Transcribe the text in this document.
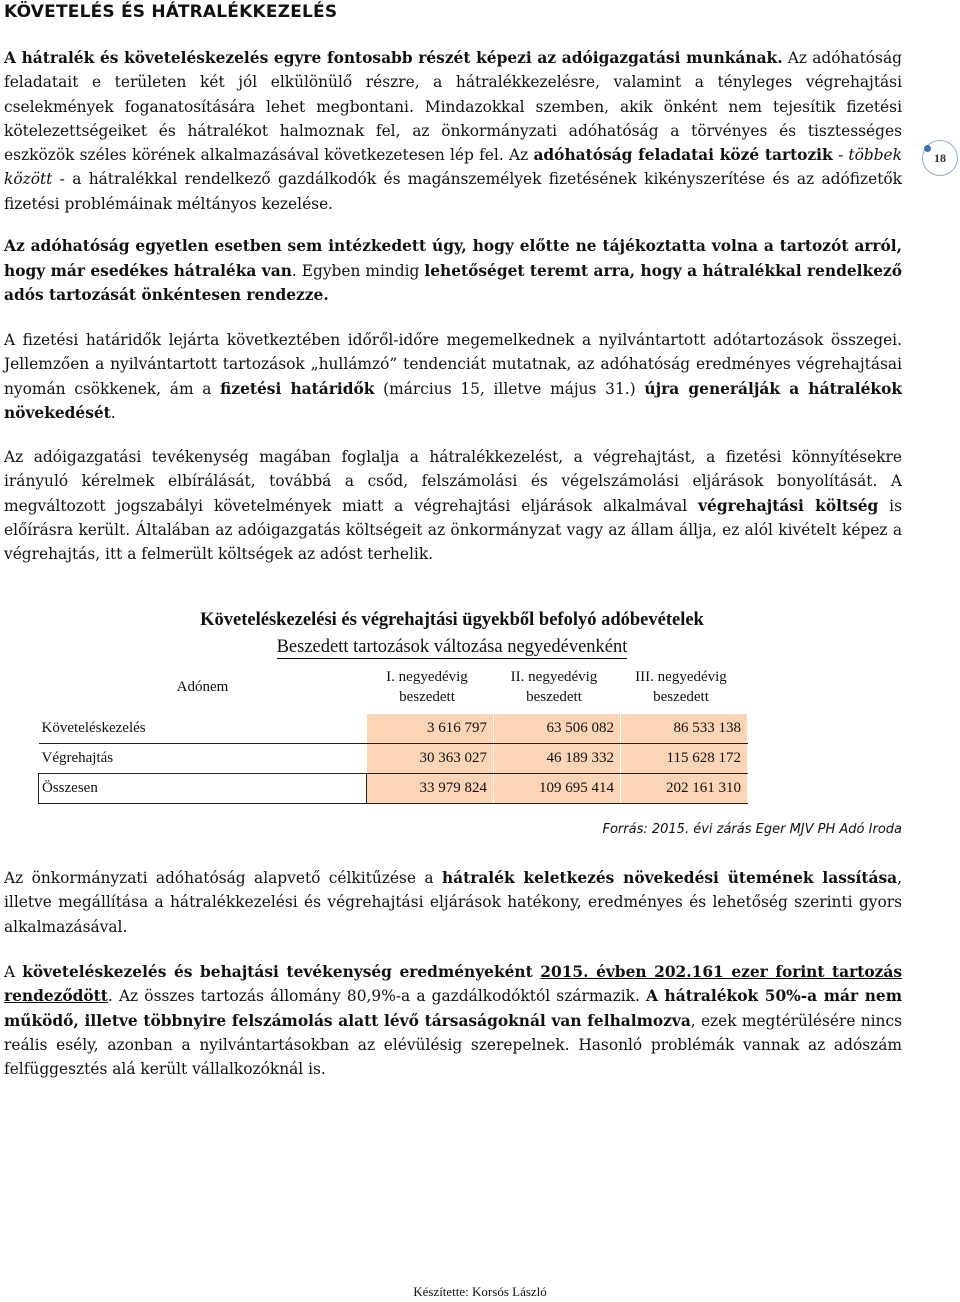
KÖVETELÉS ÉS HÁTRALÉKKEZELÉS
A hátralék és követeléskezelés egyre fontosabb részét képezi az adóigazgatási munkának. Az adóhatóság feladatait e területen két jól elkülönülő részre, a hátralékkezelésre, valamint a tényleges végrehajtási cselekmények foganatosítására lehet megbontani. Mindazokkal szemben, akik önként nem tejesítik fizetési kötelezettségeiket és hátralékot halmoznak fel, az önkormányzati adóhatóság a törvényes és tisztességes eszközök széles körének alkalmazásával következetesen lép fel. Az adóhatóság feladatai közé tartozik - többek között - a hátralékkal rendelkező gazdálkodók és magánszemélyek fizetésének kikényszerítése és az adófizetők fizetési problémáinak méltányos kezelése.
18
Az adóhatóság egyetlen esetben sem intézkedett úgy, hogy előtte ne tájékoztatta volna a tartozót arról, hogy már esedékes hátraléka van. Egyben mindig lehetőséget teremt arra, hogy a hátralékkal rendelkező adós tartozását önkéntesen rendezze.
A fizetési határidők lejárta következtében időről-időre megemelkednek a nyilvántartott adótartozások összegei. Jellemzően a nyilvántartott tartozások „hullámzó” tendenciát mutatnak, az adóhatóság eredményes végrehajtásai nyomán csökkenek, ám a fizetési határidők (március 15, illetve május 31.) újra generálják a hátralékok növekedését.
Az adóigazgatási tevékenység magában foglalja a hátralékkezelést, a végrehajtást, a fizetési könnyítésekre irányuló kérelmek elbírálását, továbbá a csőd, felszámolási és végelszámolási eljárások bonyolítását. A megváltozott jogszabályi követelmények miatt a végrehajtási eljárások alkalmával végrehajtási költség is előírásra került. Általában az adóigazgatás költségeit az önkormányzat vagy az állam állja, ez alól kivételt képez a végrehajtás, itt a felmerült költségek az adóst terhelik.
Követeléskezelési és végrehajtási ügyekből befolyó adóbevételek
Beszedett tartozások változása negyedévenként
Adónem	I. negyedévig beszedett	II. negyedévig beszedett	III. negyedévig beszedett
Követeléskezelés	3 616 797	63 506 082	86 533 138
Végrehajtás	30 363 027	46 189 332	115 628 172
Összesen	33 979 824	109 695 414	202 161 310
Forrás: 2015. évi zárás Eger MJV PH Adó Iroda
Az önkormányzati adóhatóság alapvető célkitűzése a hátralék keletkezés növekedési ütemének lassítása, illetve megállítása a hátralékkezelési és végrehajtási eljárások hatékony, eredményes és lehetőség szerinti gyors alkalmazásával.
A követeléskezelés és behajtási tevékenység eredményeként 2015. évben 202.161 ezer forint tartozás rendeződött. Az összes tartozás állomány 80,9%-a a gazdálkodóktól származik. A hátralékok 50%-a már nem működő, illetve többnyire felszámolás alatt lévő társaságoknál van felhalmozva, ezek megtérülésére nincs reális esély, azonban a nyilvántartásokban az elévülésig szerepelnek. Hasonló problémák vannak az adószám felfüggesztés alá került vállalkozóknál is.
Készítette: Korsós László
